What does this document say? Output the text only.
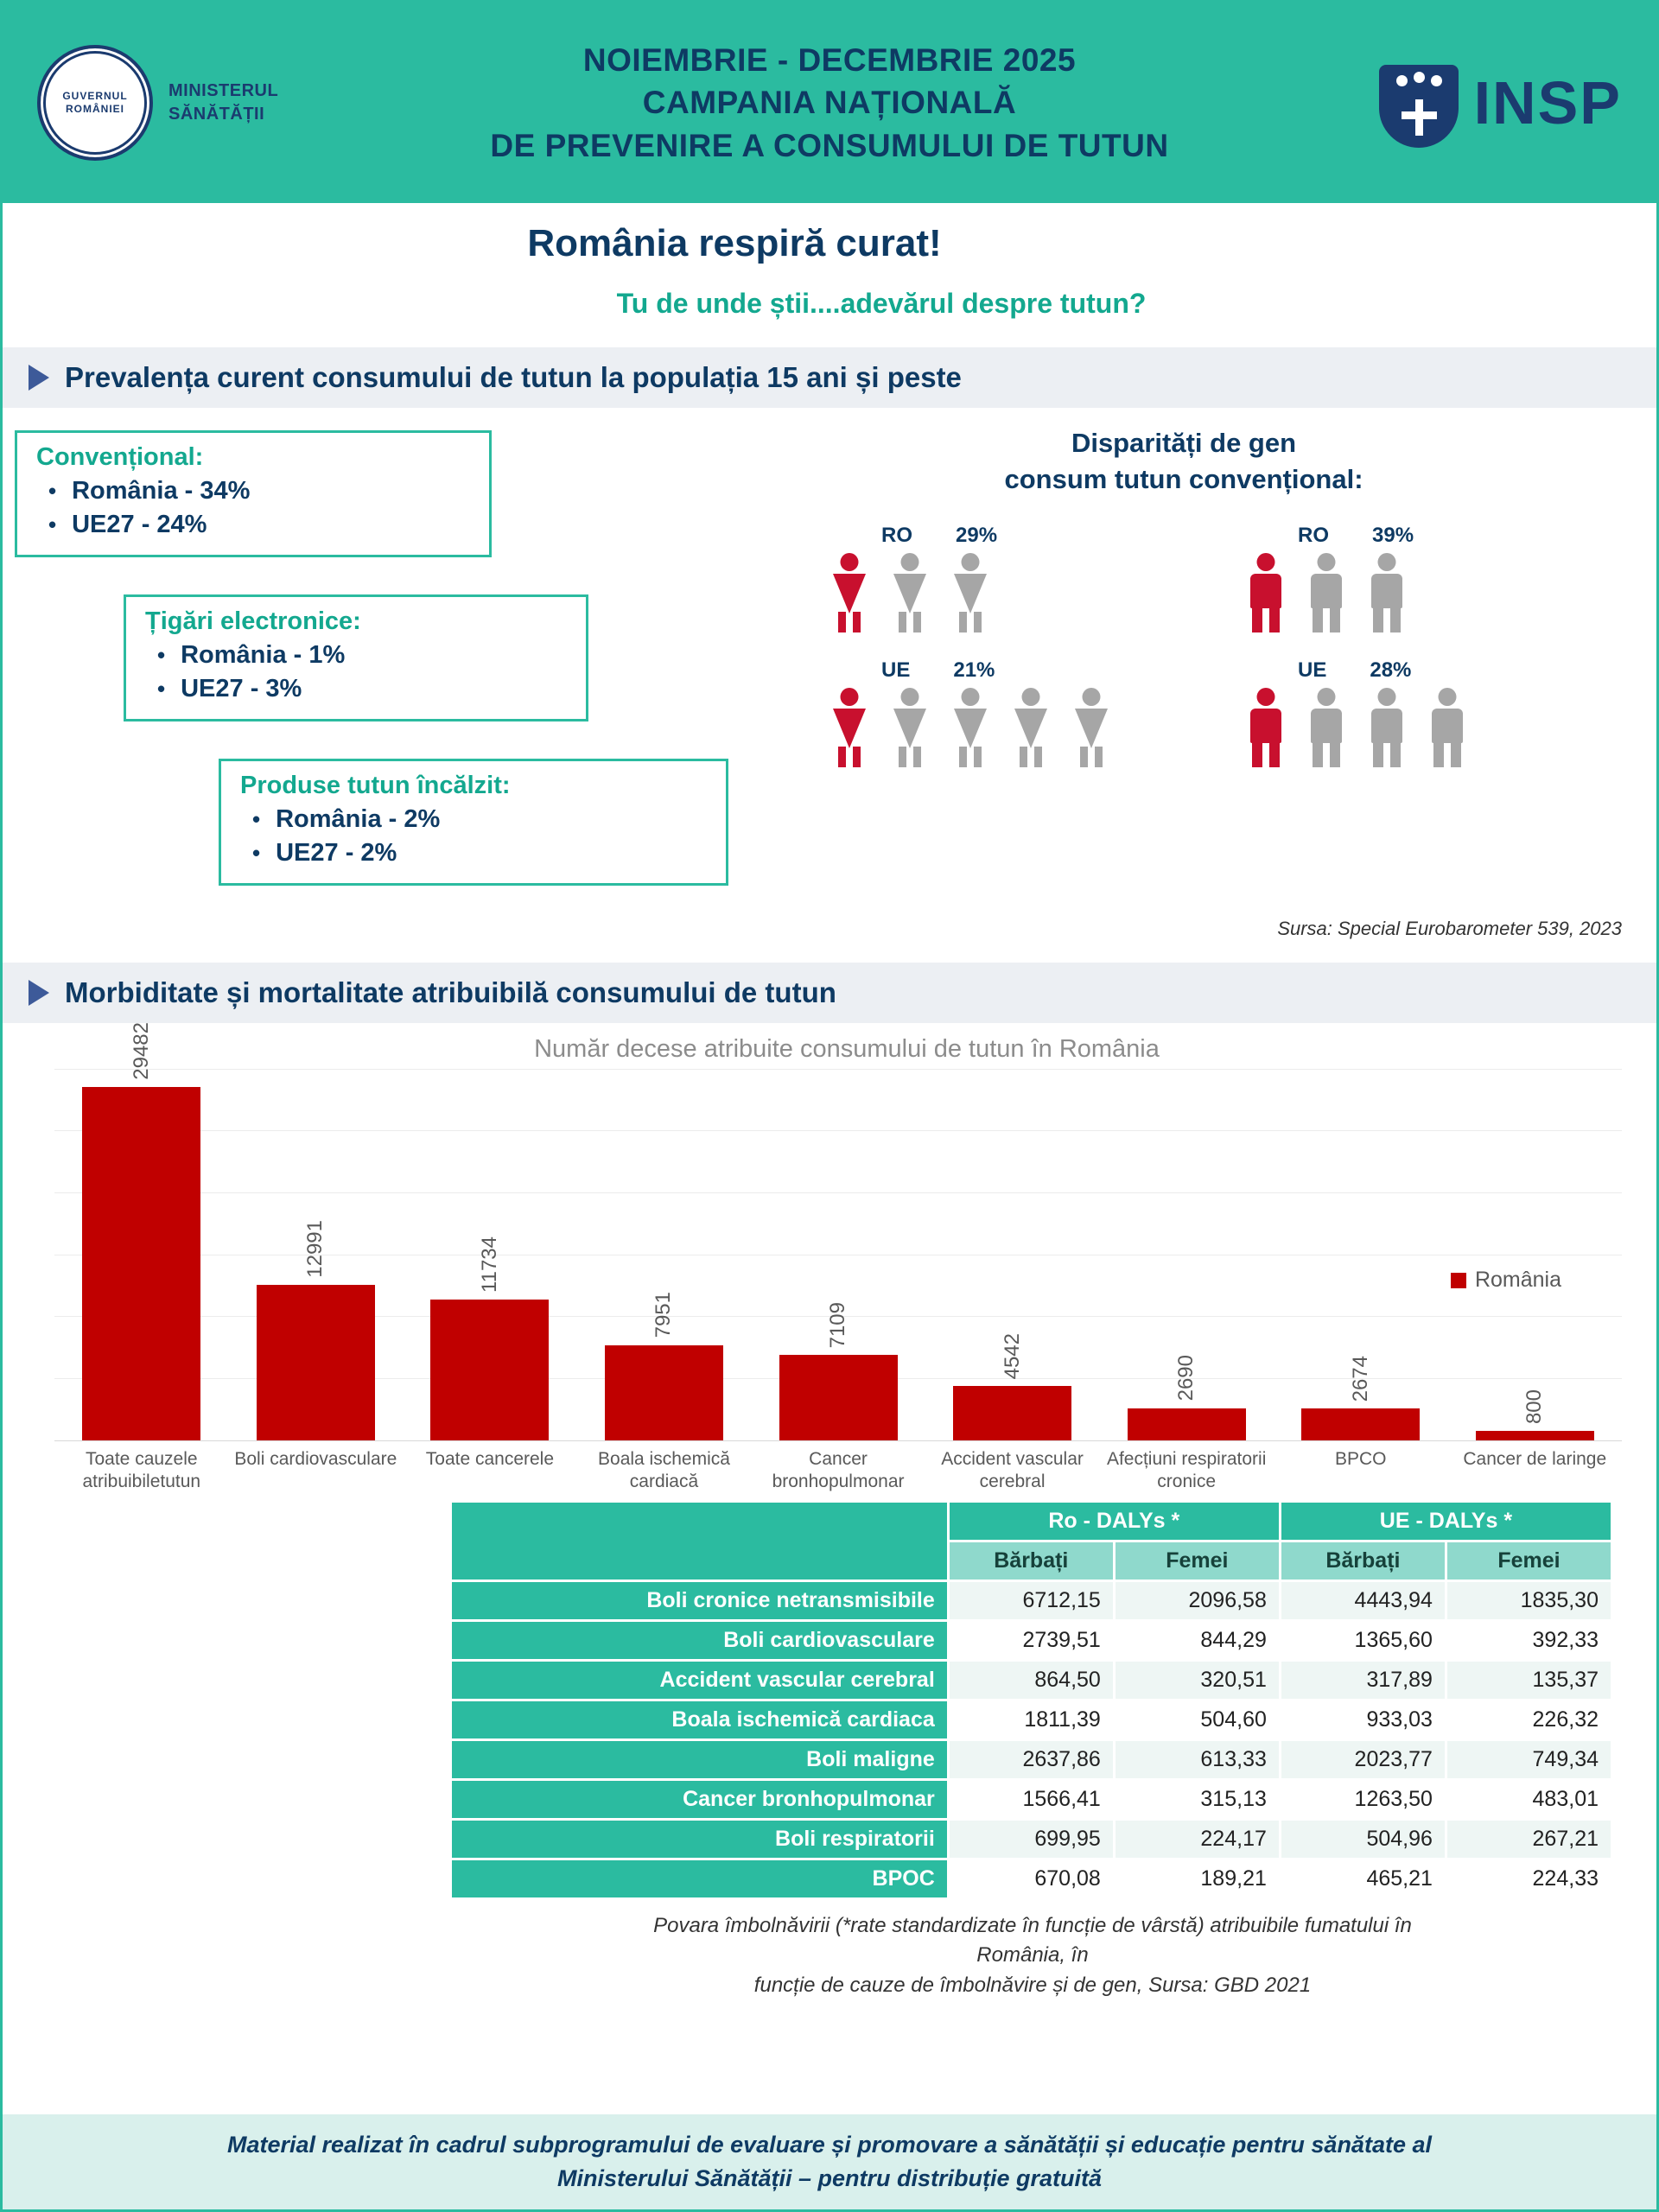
GUVERNUL
ROMÂNIEI
MINISTERUL
SĂNĂTĂȚII
NOIEMBRIE - DECEMBRIE 2025
CAMPANIA NAȚIONALĂ
DE PREVENIRE A CONSUMULUI DE TUTUN
INSP
România respiră curat!
Tu de unde știi....adevărul despre tutun?
Prevalența curent consumului de tutun la populația 15 ani și peste
Convențional:
• România - 34%
• UE27 - 24%
Țigări electronice:
• România - 1%
• UE27 - 3%
Produse tutun încălzit:
• România - 2%
• UE27 - 2%
Disparități de gen
consum tutun convențional:
RO 29%
UE 21%
RO 39%
UE 28%
Sursa: Special Eurobarometer 539, 2023
Morbiditate și mortalitate atribuibilă consumului de tutun
Număr decese atribuite consumului de tutun în România
29482
12991	11734
7951	7109
4542	2690	2674
800
România
Toate cauzele atribuibiletutun
Boli cardiovasculare	Toate cancerele	Boala ischemică cardiacă
Cancer bronhopulmonar
Accident vascular cerebral
Afecțiuni respiratorii cronice
BPCO	Cancer de laringe
	Ro - DALYs *		UE - DALYs *	
	Bărbați	Femei	Bărbați	Femei
Boli cronice netransmisibile	6712,15	2096,58	4443,94	1835,30
Boli cardiovasculare	2739,51	844,29	1365,60	392,33
Accident vascular cerebral	864,50	320,51	317,89	135,37
Boala ischemică cardiaca	1811,39	504,60	933,03	226,32
Boli maligne	2637,86	613,33	2023,77	749,34
Cancer bronhopulmonar	1566,41	315,13	1263,50	483,01
Boli respiratorii	699,95	224,17	504,96	267,21
BPOC	670,08	189,21	465,21	224,33
Povara îmbolnăvirii (*rate standardizate în funcție de vârstă) atribuibile fumatului în România, în
funcție de cauze de îmbolnăvire și de gen, Sursa: GBD 2021
Material realizat în cadrul subprogramului de evaluare și promovare a sănătății și educație pentru sănătate al
Ministerului Sănătății – pentru distribuție gratuită
